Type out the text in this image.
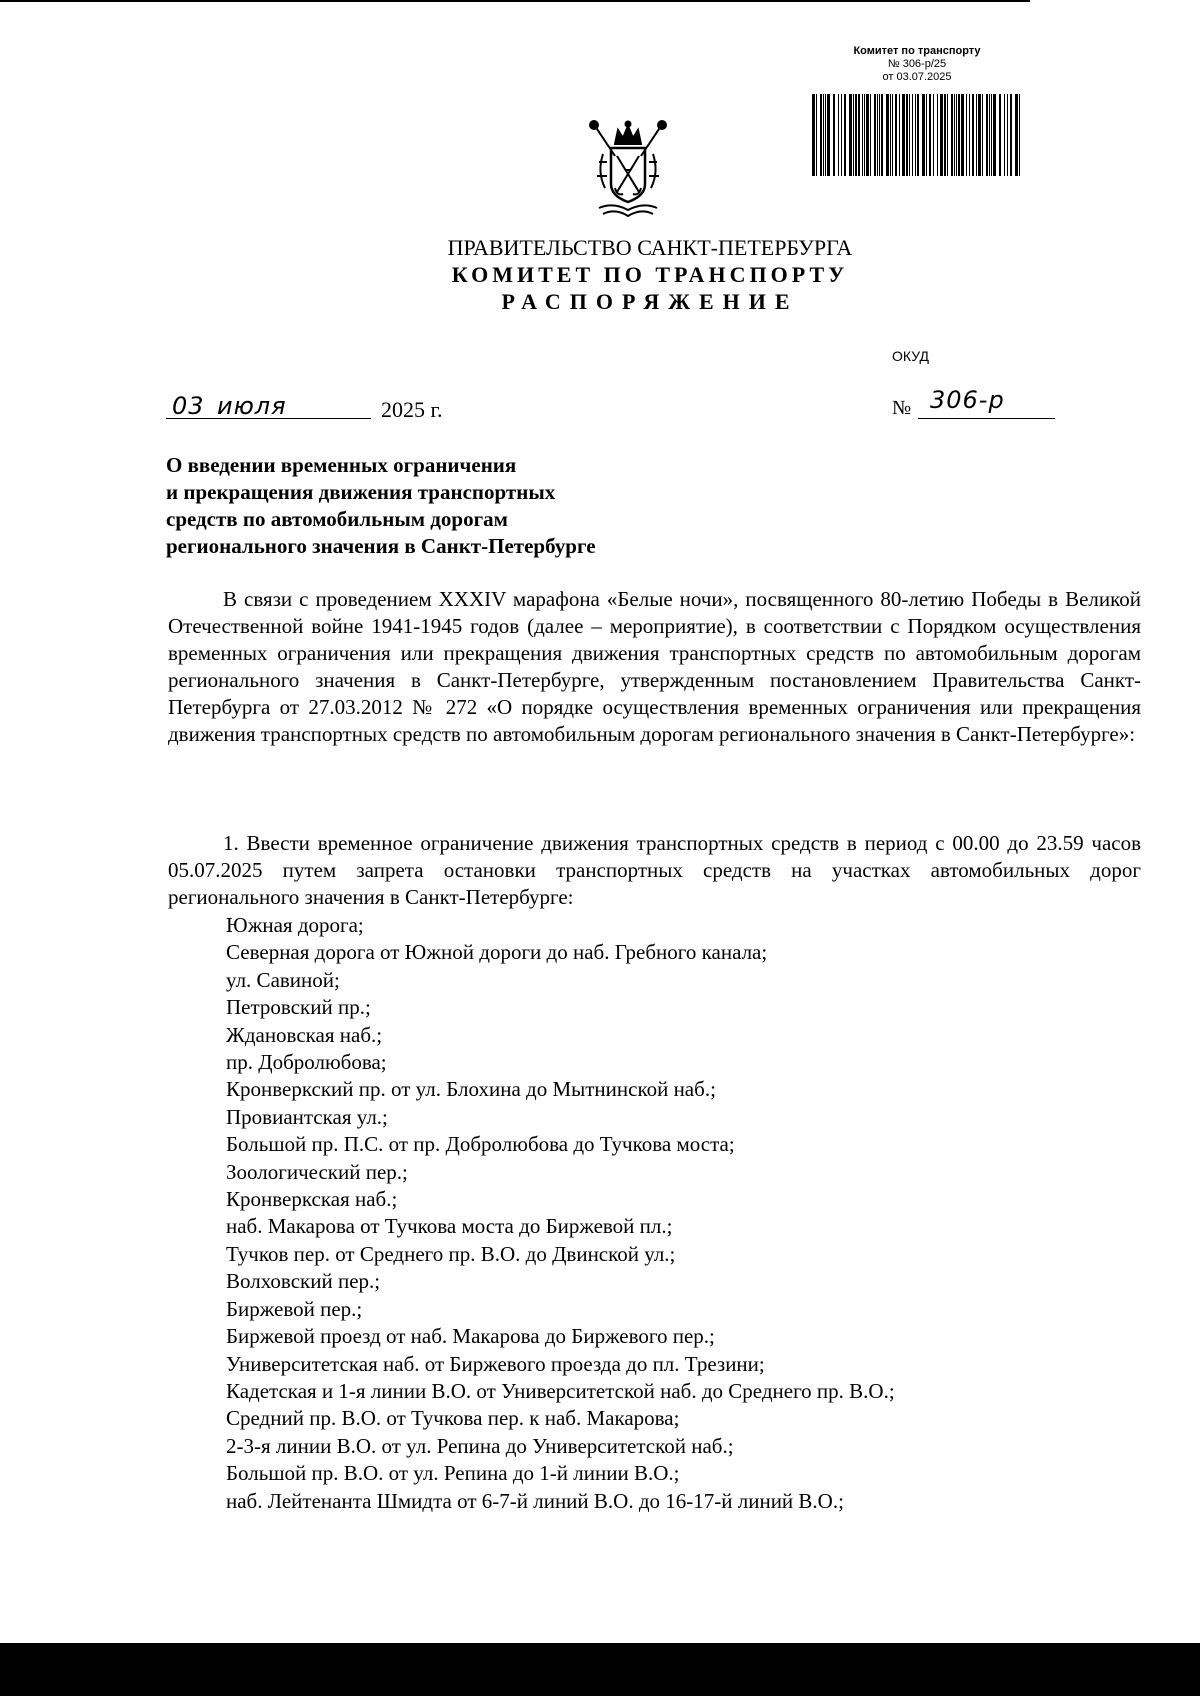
Комитет по транспорту
№ 306-р/25
от 03.07.2025
ПРАВИТЕЛЬСТВО САНКТ-ПЕТЕРБУРГА
КОМИТЕТ ПО ТРАНСПОРТУ
РАСПОРЯЖЕНИЕ
ОКУД
03 июля	2025 г.	№ 306-р
О введении временных ограничения
и прекращения движения транспортных
средств по автомобильным дорогам
регионального значения в Санкт-Петербурге
В связи с проведением XXXIV марафона «Белые ночи», посвященного 80-летию Победы в Великой Отечественной войне 1941-1945 годов (далее – мероприятие), в соответствии с Порядком осуществления временных ограничения или прекращения движения транспортных средств по автомобильным дорогам регионального значения в Санкт-Петербурге, утвержденным постановлением Правительства Санкт-Петербурга от 27.03.2012 № 272 «О порядке осуществления временных ограничения или прекращения движения транспортных средств по автомобильным дорогам регионального значения в Санкт-Петербурге»:
1. Ввести временное ограничение движения транспортных средств в период с 00.00 до 23.59 часов 05.07.2025 путем запрета остановки транспортных средств на участках автомобильных дорог регионального значения в Санкт-Петербурге:
Южная дорога;
Северная дорога от Южной дороги до наб. Гребного канала;
ул. Савиной;
Петровский пр.;
Ждановская наб.;
пр. Добролюбова;
Кронверкский пр. от ул. Блохина до Мытнинской наб.;
Провиантская ул.;
Большой пр. П.С. от пр. Добролюбова до Тучкова моста;
Зоологический пер.;
Кронверкская наб.;
наб. Макарова от Тучкова моста до Биржевой пл.;
Тучков пер. от Среднего пр. В.О. до Двинской ул.;
Волховский пер.;
Биржевой пер.;
Биржевой проезд от наб. Макарова до Биржевого пер.;
Университетская наб. от Биржевого проезда до пл. Трезини;
Кадетская и 1-я линии В.О. от Университетской наб. до Среднего пр. В.О.;
Средний пр. В.О. от Тучкова пер. к наб. Макарова;
2-3-я линии В.О. от ул. Репина до Университетской наб.;
Большой пр. В.О. от ул. Репина до 1-й линии В.О.;
наб. Лейтенанта Шмидта от 6-7-й линий В.О. до 16-17-й линий В.О.;
